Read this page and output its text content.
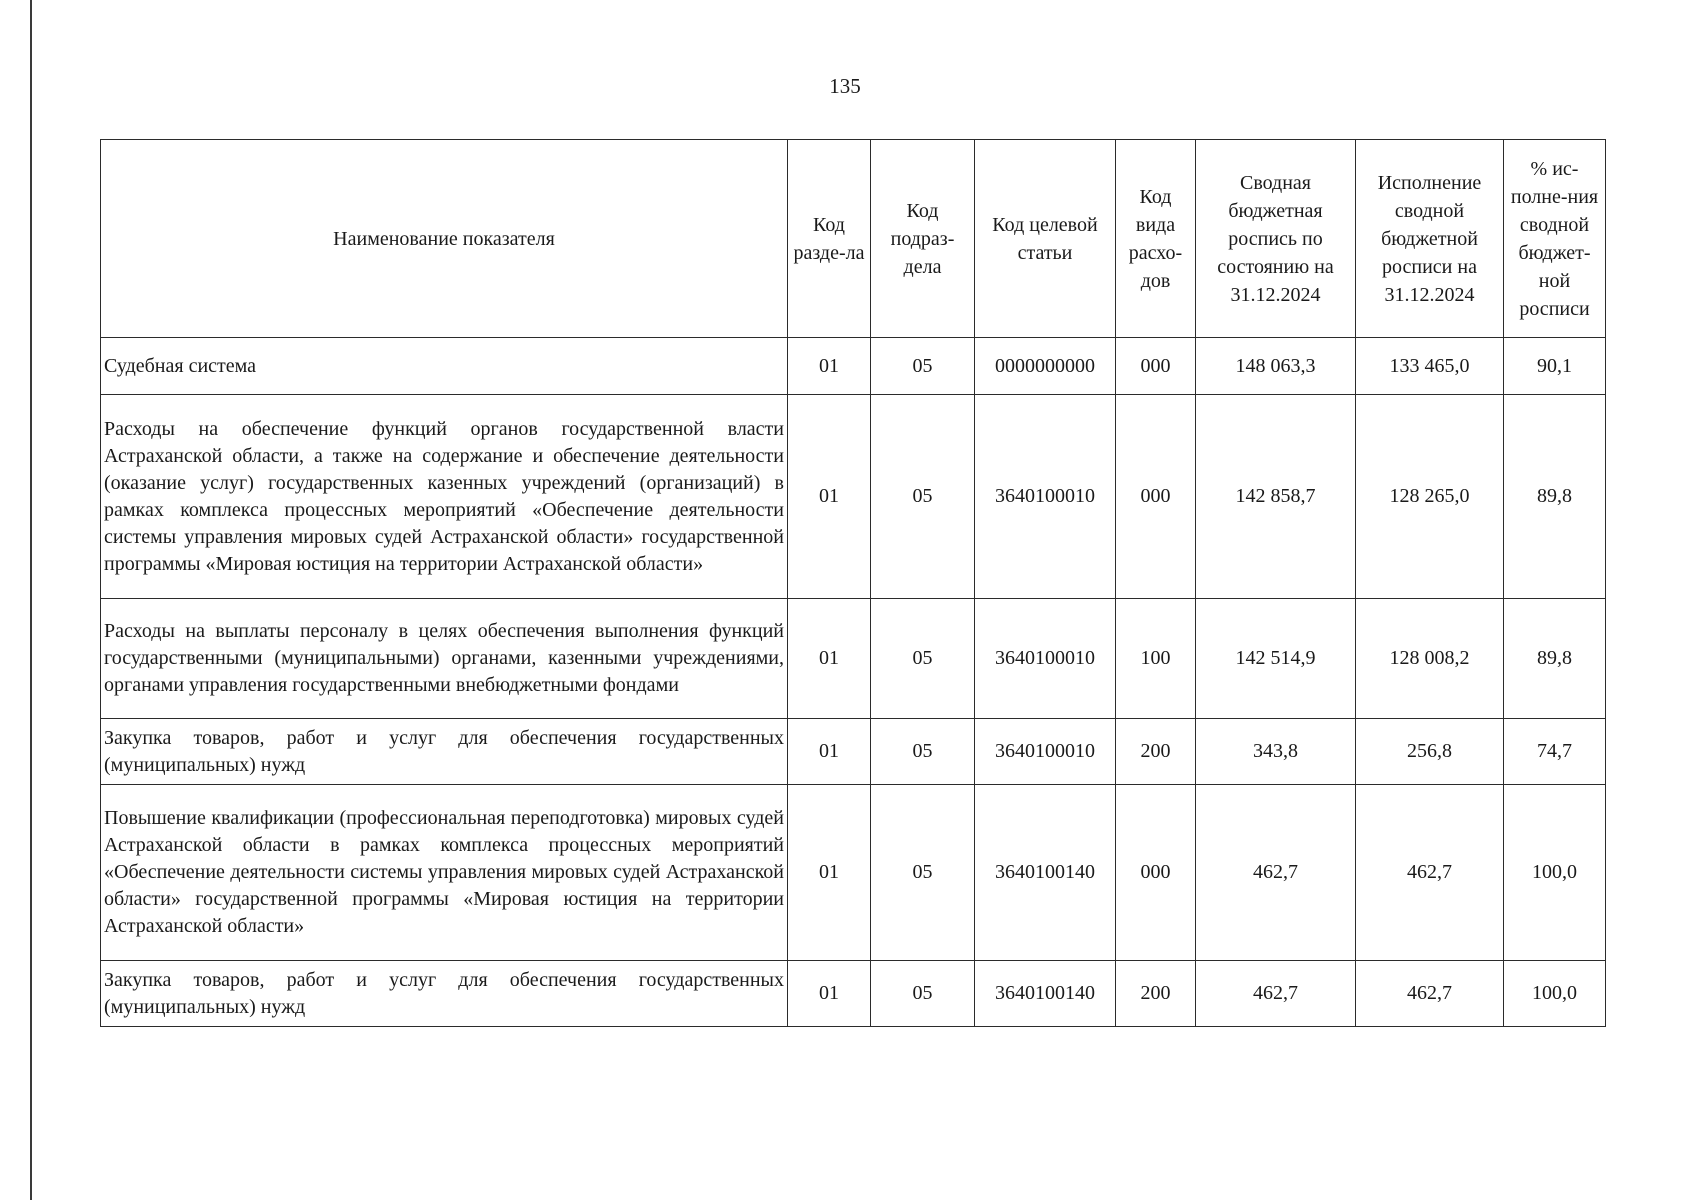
135
Наименование показателя	Код разде-ла	Код подраз-дела	Код целевой статьи	Код вида расхо-дов	Сводная бюджетная роспись по состоянию на 31.12.2024	Исполнение сводной бюджетной росписи на 31.12.2024	% ис-полне-ния сводной бюджет-ной росписи
Судебная система	01	05	0000000000	000	148 063,3	133 465,0	90,1
Расходы на обеспечение функций органов государственной власти Астраханской области, а также на содержание и обеспечение деятельности (оказание услуг) государственных казенных учреждений (организаций) в рамках комплекса процессных мероприятий «Обеспечение деятельности системы управления мировых судей Астраханской области» государственной программы «Мировая юстиция на территории Астраханской области»	01	05	3640100010	000	142 858,7	128 265,0	89,8
Расходы на выплаты персоналу в целях обеспечения выполнения функций государственными (муниципальными) органами, казенными учреждениями, органами управления государственными внебюджетными фондами	01	05	3640100010	100	142 514,9	128 008,2	89,8
Закупка товаров, работ и услуг для обеспечения государственных (муниципальных) нужд	01	05	3640100010	200	343,8	256,8	74,7
Повышение квалификации (профессиональная переподготовка) мировых судей Астраханской области в рамках комплекса процессных мероприятий «Обеспечение деятельности системы управления мировых судей Астраханской области» государственной программы «Мировая юстиция на территории Астраханской области»	01	05	3640100140	000	462,7	462,7	100,0
Закупка товаров, работ и услуг для обеспечения государственных (муниципальных) нужд	01	05	3640100140	200	462,7	462,7	100,0
